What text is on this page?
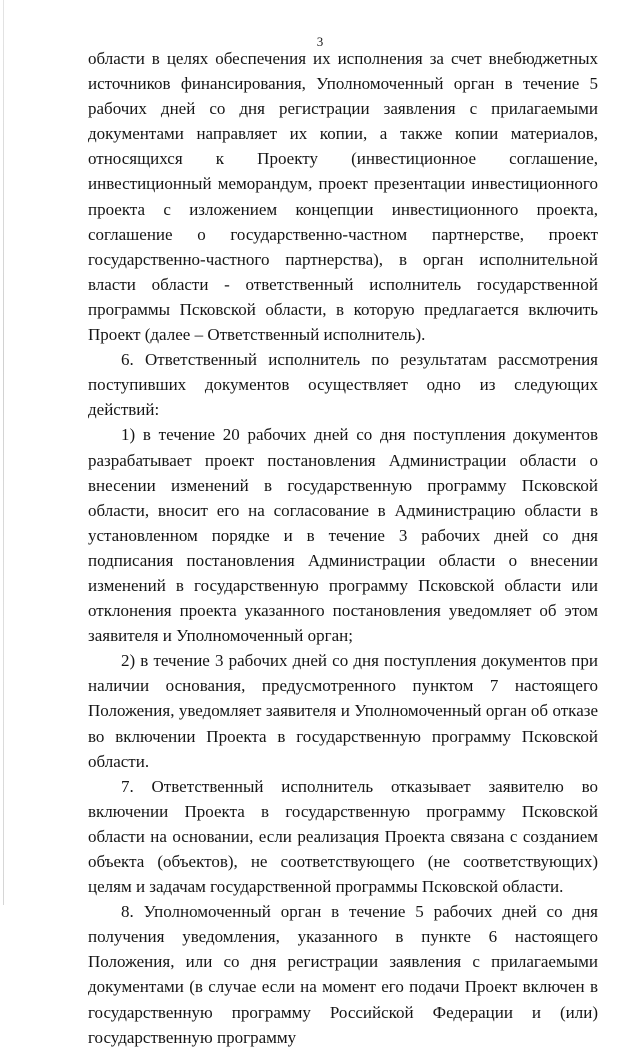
3

области в целях обеспечения их исполнения за счет внебюджетных источников финансирования, Уполномоченный орган в течение 5 рабочих дней со дня регистрации заявления с прилагаемыми документами направляет их копии, а также копии материалов, относящихся к Проекту (инвестиционное соглашение, инвестиционный меморандум, проект презентации инвестиционного проекта с изложением концепции инвестиционного проекта, соглашение о государственно-частном партнерстве, проект государственно-частного партнерства), в орган исполнительной власти области - ответственный исполнитель государственной программы Псковской области, в которую предлагается включить Проект (далее – Ответственный исполнитель).

6. Ответственный исполнитель по результатам рассмотрения поступивших документов осуществляет одно из следующих действий:

1) в течение 20 рабочих дней со дня поступления документов разрабатывает проект постановления Администрации области о внесении изменений в государственную программу Псковской области, вносит его на согласование в Администрацию области в установленном порядке и в течение 3 рабочих дней со дня подписания постановления Администрации области о внесении изменений в государственную программу Псковской области или отклонения проекта указанного постановления уведомляет об этом заявителя и Уполномоченный орган;

2) в течение 3 рабочих дней со дня поступления документов при наличии основания, предусмотренного пунктом 7 настоящего Положения, уведомляет заявителя и Уполномоченный орган об отказе во включении Проекта в государственную программу Псковской области.

7. Ответственный исполнитель отказывает заявителю во включении Проекта в государственную программу Псковской области на основании, если реализация Проекта связана с созданием объекта (объектов), не соответствующего (не соответствующих) целям и задачам государственной программы Псковской области.

8. Уполномоченный орган в течение 5 рабочих дней со дня получения уведомления, указанного в пункте 6 настоящего Положения, или со дня регистрации заявления с прилагаемыми документами (в случае если на момент его подачи Проект включен в государственную программу Российской Федерации и (или) государственную программу
